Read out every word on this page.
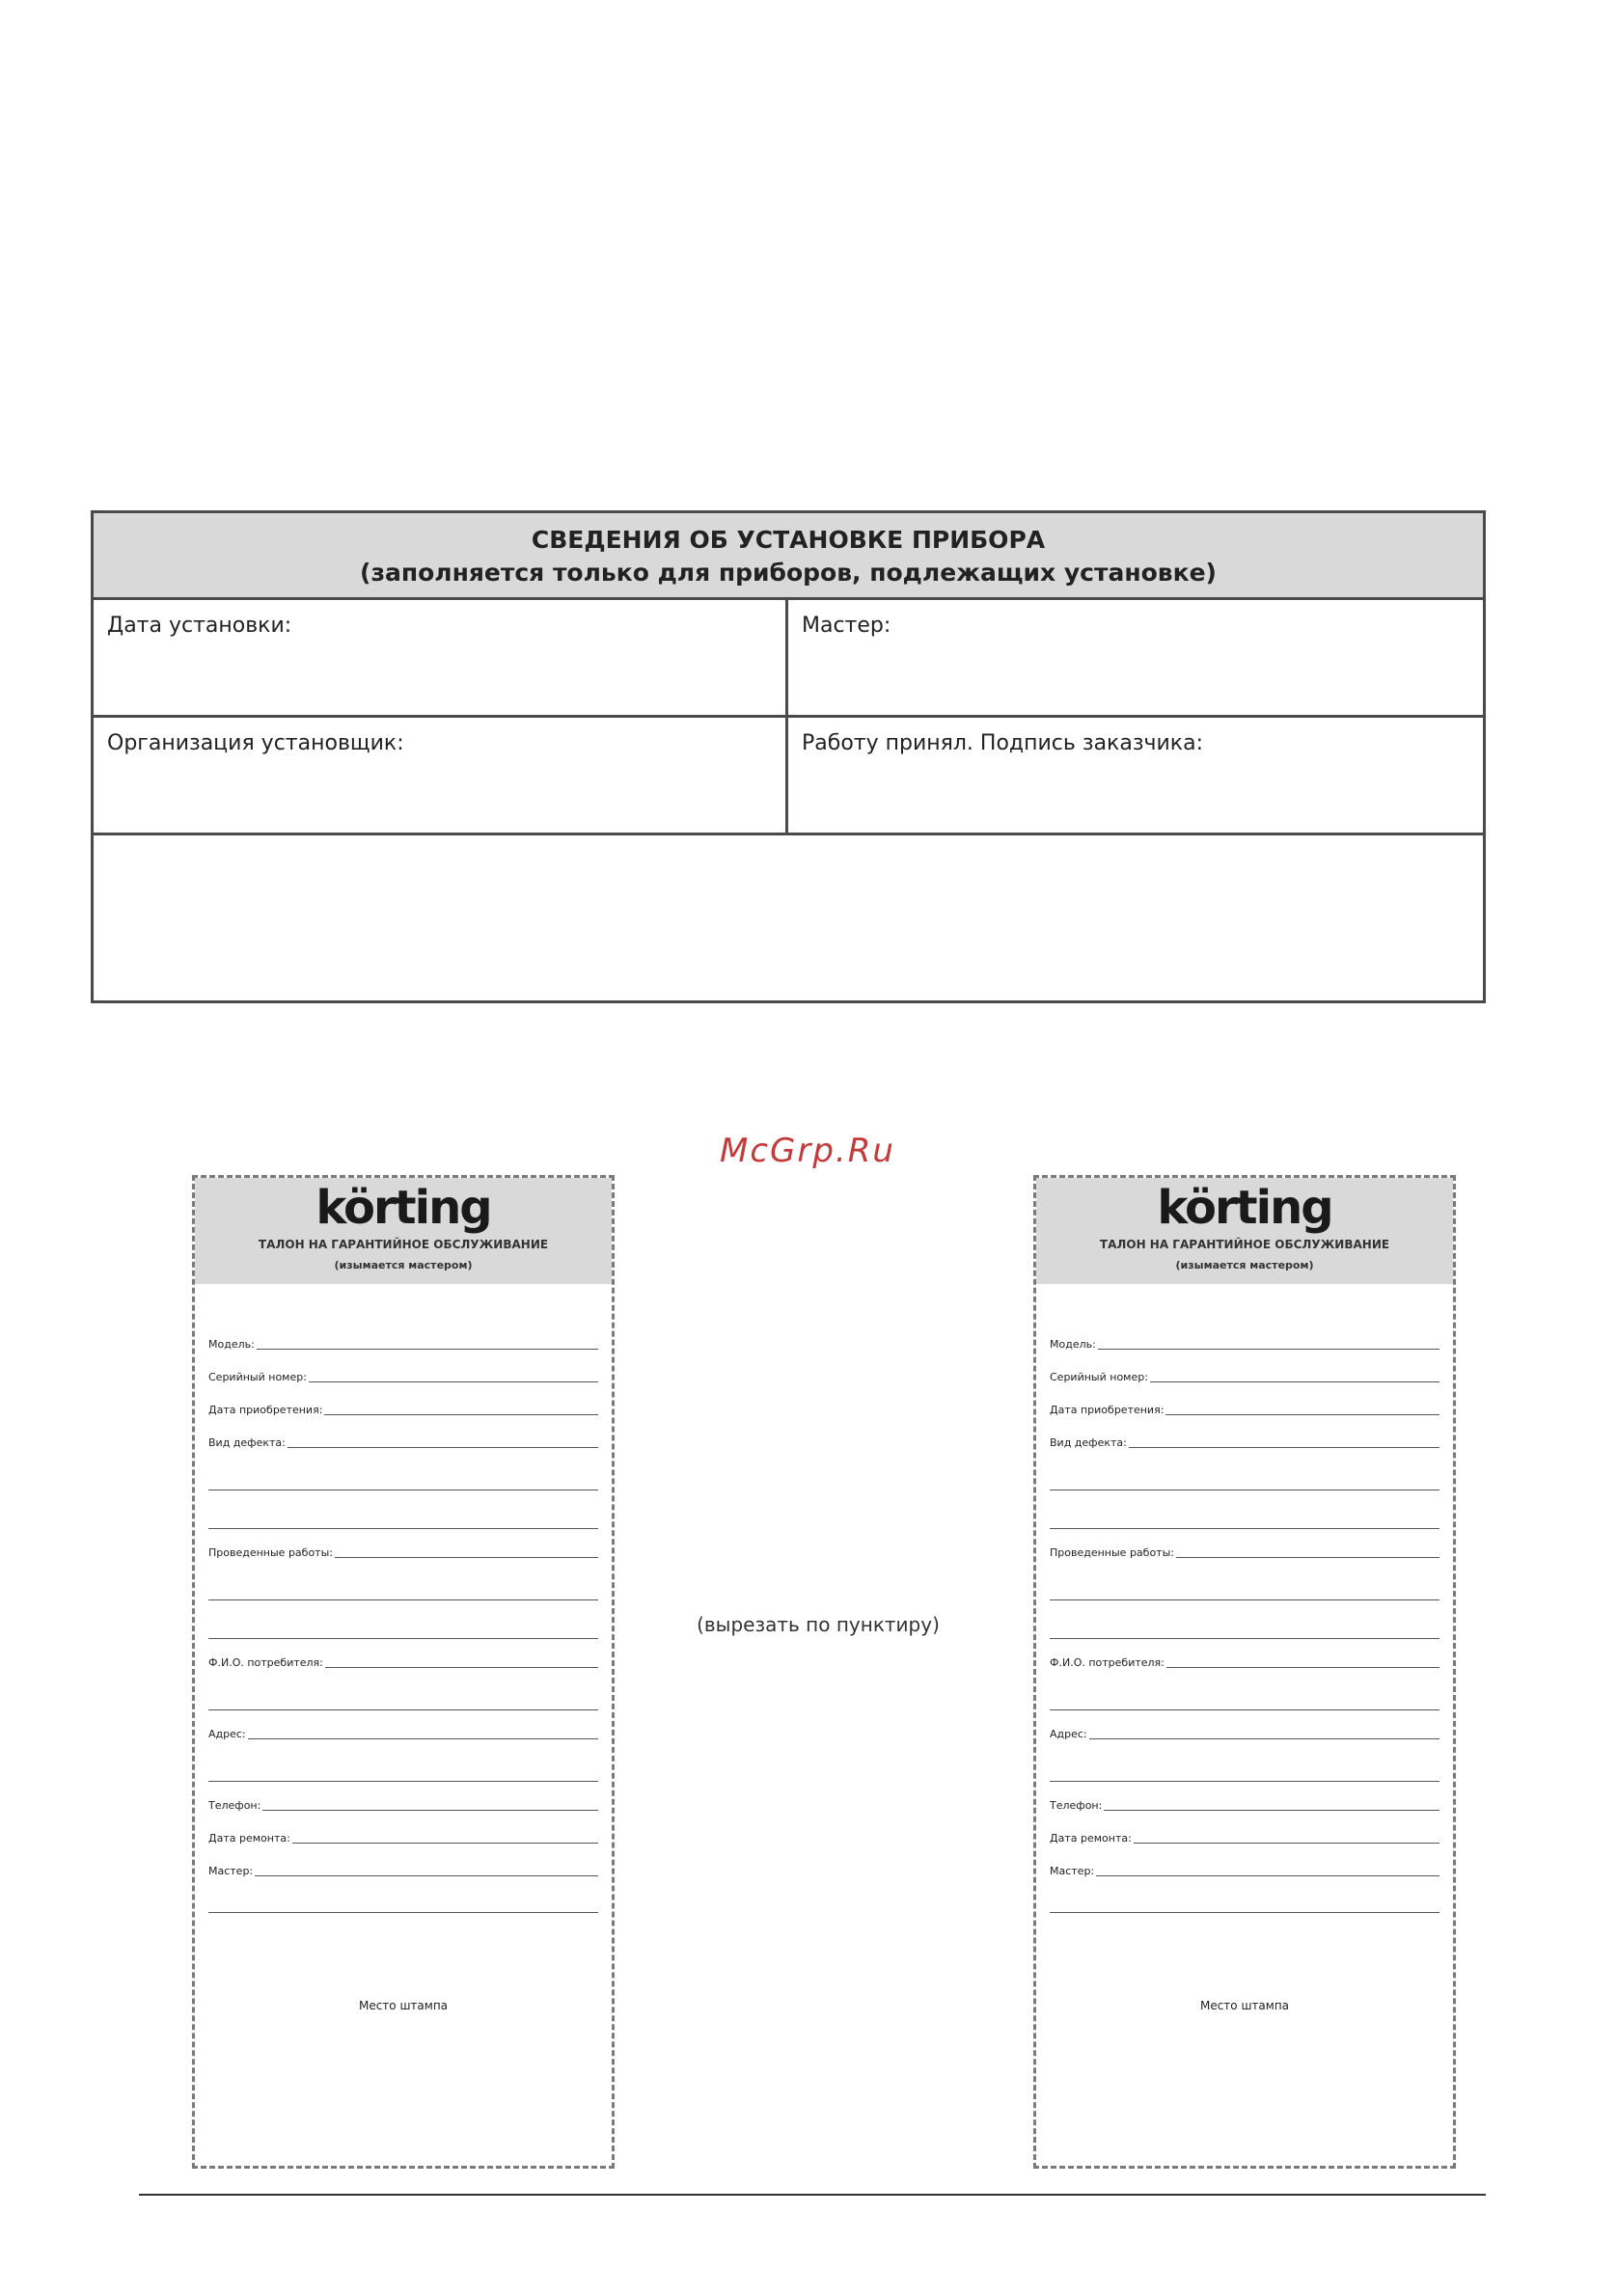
СВЕДЕНИЯ ОБ УСТАНОВКЕ ПРИБОРА
(заполняется только для приборов, подлежащих установке)
Дата установки:	Мастер:
Организация установщик:	Работу принял. Подпись заказчика:
McGrp.Ru
(вырезать по пунктиру)
körting
ТАЛОН НА ГАРАНТИЙНОЕ ОБСЛУЖИВАНИЕ
(изымается мастером)
Модель:
Серийный номер:
Дата приобретения:
Вид дефекта:
Проведенные работы:
Ф.И.О. потребителя:
Адрес:
Телефон:
Дата ремонта:
Мастер:
Место штампа
körting
ТАЛОН НА ГАРАНТИЙНОЕ ОБСЛУЖИВАНИЕ
(изымается мастером)
Модель:
Серийный номер:
Дата приобретения:
Вид дефекта:
Проведенные работы:
Ф.И.О. потребителя:
Адрес:
Телефон:
Дата ремонта:
Мастер:
Место штампа
